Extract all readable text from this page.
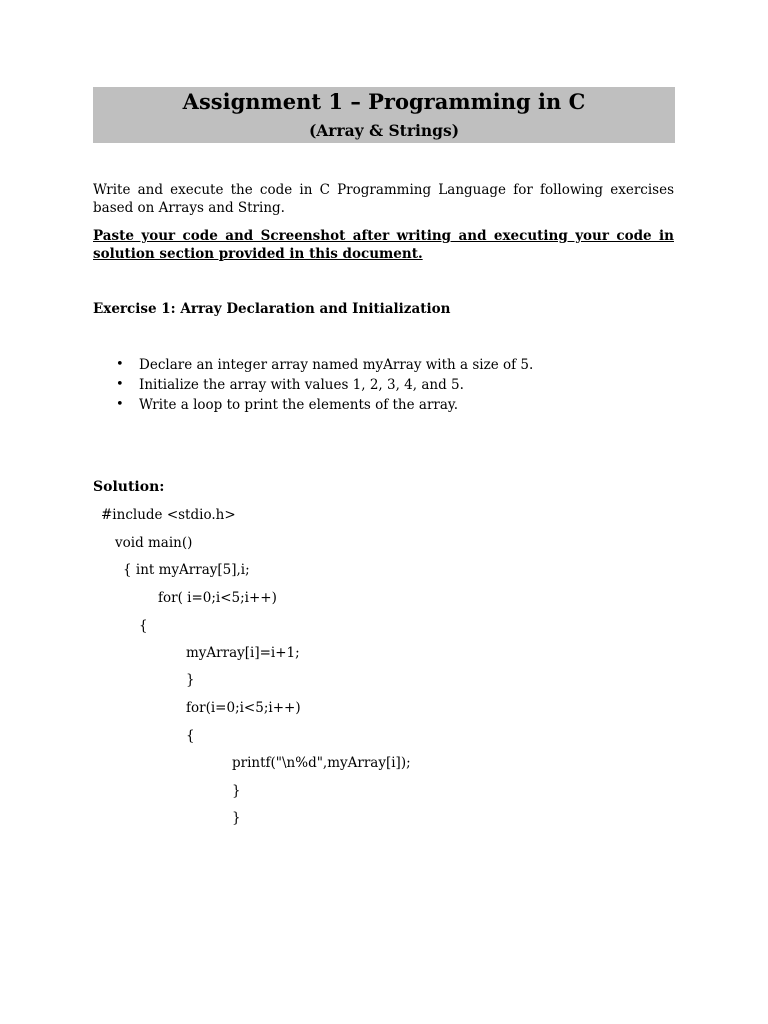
Assignment 1 – Programming in C
(Array & Strings)

Write and execute the code in C Programming Language for following exercises based on Arrays and String.

Paste your code and Screenshot after writing and executing your code in solution section provided in this document.

Exercise 1: Array Declaration and Initialization

• Declare an integer array named myArray with a size of 5.
• Initialize the array with values 1, 2, 3, 4, and 5.
• Write a loop to print the elements of the array.

Solution:

#include <stdio.h>

void main()

{ int myArray[5],i;

for( i=0;i<5;i++)

{

myArray[i]=i+1;

}

for(i=0;i<5;i++)

{

printf("\n%d",myArray[i]);

}

}
